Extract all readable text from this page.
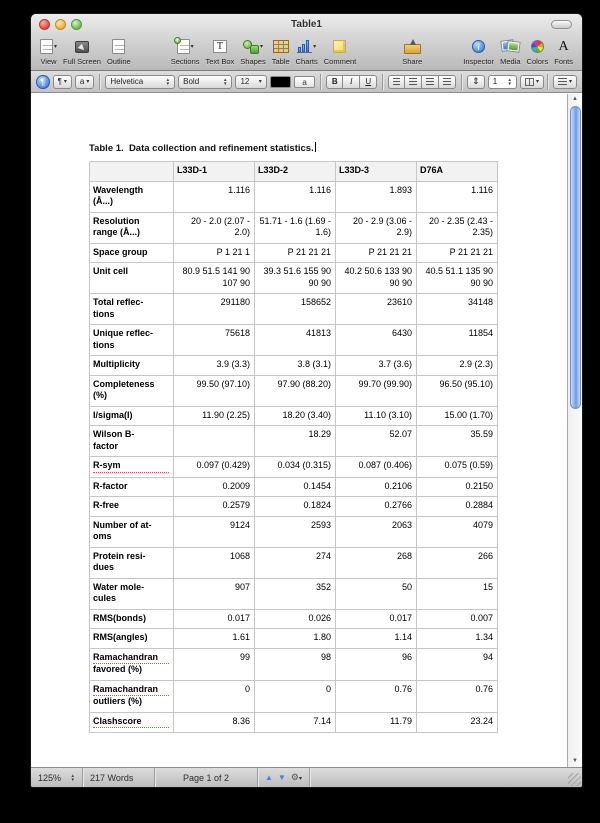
Table1
▾
View Full Screen Outline
+
▾
Sections
T
Text Box
▾
Shapes Table
▾
Charts Comment	Share
i
Inspector Media Colors
A
Fonts
¶	¶ ▾ a ▾	Helvetica	▲
▼ Bold	▲
▼ 12 ▾	a	B	I	U	⇕	1 ▲
▼	▾	▾
Table 1.  Data collection and refinement statistics.
	L33D-1	L33D-2	L33D-3	D76A

Wavelength
(Å...)	1.116	1.116	1.893	1.116

Resolution
range (Å...)	20 - 2.0 (2.07 - 2.0)	51.71 - 1.6 (1.69 - 1.6)	20 - 2.9 (3.06 - 2.9)	20 - 2.35 (2.43 - 2.35)

Space group	P 1 21 1	P 21 21 21	P 21 21 21	P 21 21 21

Unit cell	80.9 51.5 141 90 107 90	39.3 51.6 155 90 90 90	40.2 50.6 133 90 90 90	40.5 51.1 135 90 90 90

Total reflec-
tions	291180	158652	23610	34148

Unique reflec-
tions	75618	41813	6430	11854

Multiplicity	3.9 (3.3)	3.8 (3.1)	3.7 (3.6)	2.9 (2.3)

Completeness
(%)	99.50 (97.10)	97.90 (88.20)	99.70 (99.90)	96.50 (95.10)

I/sigma(I)	11.90 (2.25)	18.20 (3.40)	11.10 (3.10)	15.00 (1.70)

Wilson B-
factor		18.29	52.07	35.59

R-sym	0.097 (0.429)	0.034 (0.315)	0.087 (0.406)	0.075 (0.59)

R-factor	0.2009	0.1454	0.2106	0.2150

R-free	0.2579	0.1824	0.2766	0.2884

Number of at-
oms	9124	2593	2063	4079

Protein resi-
dues	1068	274	268	266

Water mole-
cules	907	352	50	15

RMS(bonds)	0.017	0.026	0.017	0.007

RMS(angles)	1.61	1.80	1.14	1.34

Ramachandran
favored (%)	99	98	96	94

Ramachandran
outliers (%)	0	0	0.76	0.76

Clashscore	8.36	7.14	11.79	23.24
▲
▼
125% ▲
▼ 217 Words	Page 1 of 2	▲ ▼ ⚙▾
